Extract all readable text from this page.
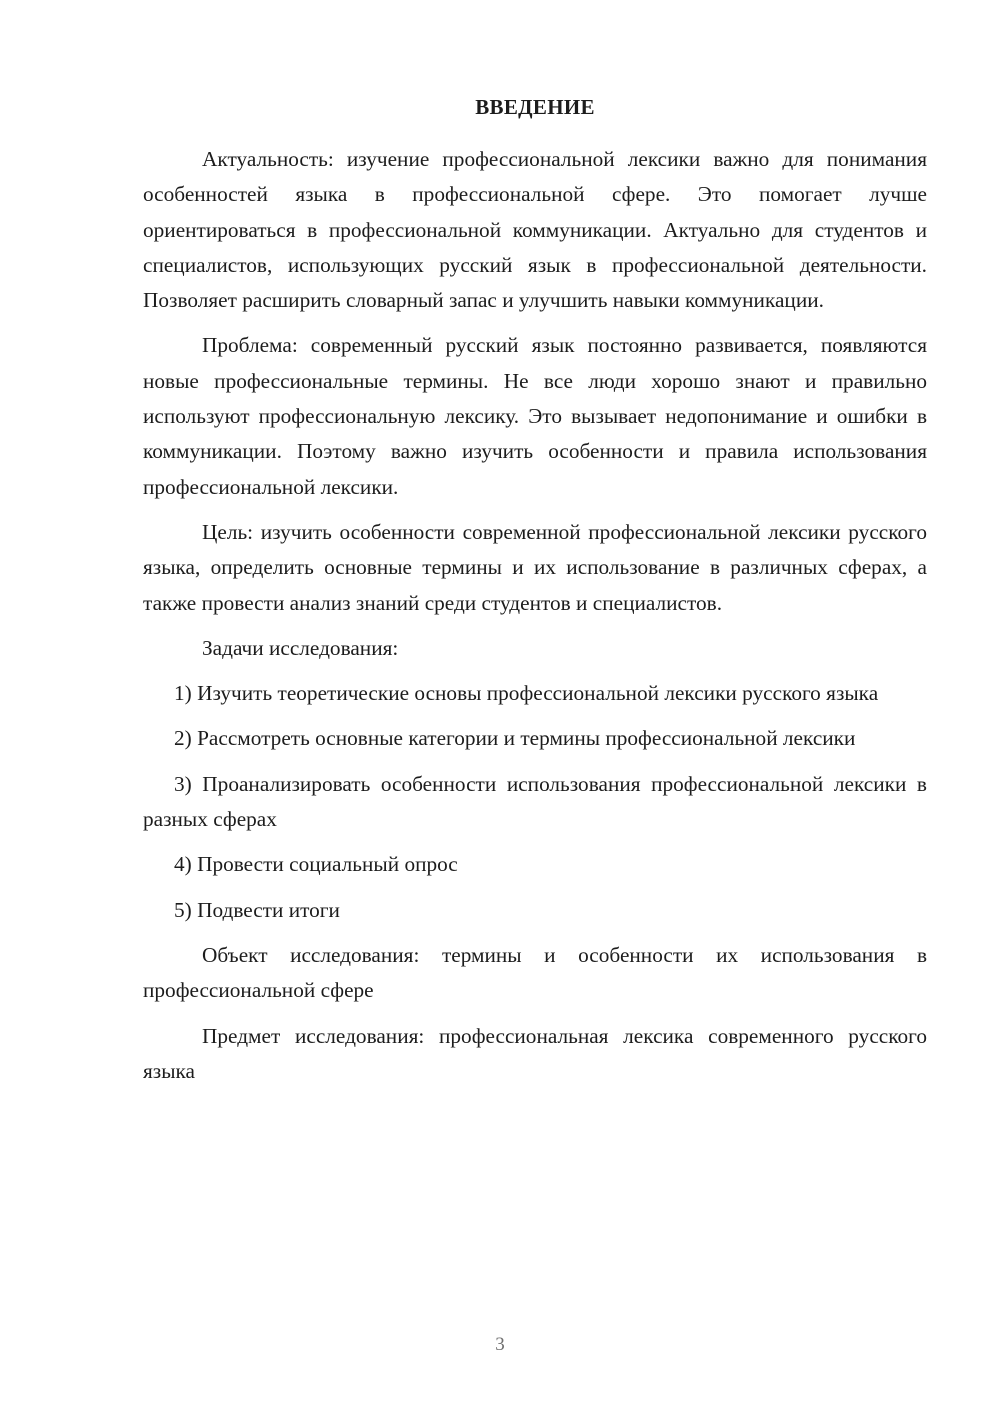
ВВЕДЕНИЕ

Актуальность: изучение профессиональной лексики важно для понимания особенностей языка в профессиональной сфере. Это помогает лучше ориентироваться в профессиональной коммуникации. Актуально для студентов и специалистов, использующих русский язык в профессиональной деятельности. Позволяет расширить словарный запас и улучшить навыки коммуникации.

Проблема: современный русский язык постоянно развивается, появляются новые профессиональные термины. Не все люди хорошо знают и правильно используют профессиональную лексику. Это вызывает недопонимание и ошибки в коммуникации. Поэтому важно изучить особенности и правила использования профессиональной лексики.

Цель: изучить особенности современной профессиональной лексики русского языка, определить основные термины и их использование в различных сферах, а также провести анализ знаний среди студентов и специалистов.

Задачи исследования:

1) Изучить теоретические основы профессиональной лексики русского языка

2) Рассмотреть основные категории и термины профессиональной лексики

3) Проанализировать особенности использования профессиональной лексики в разных сферах

4) Провести социальный опрос

5) Подвести итоги

Объект исследования: термины и особенности их использования в профессиональной сфере

Предмет исследования: профессиональная лексика современного русского языка

3
